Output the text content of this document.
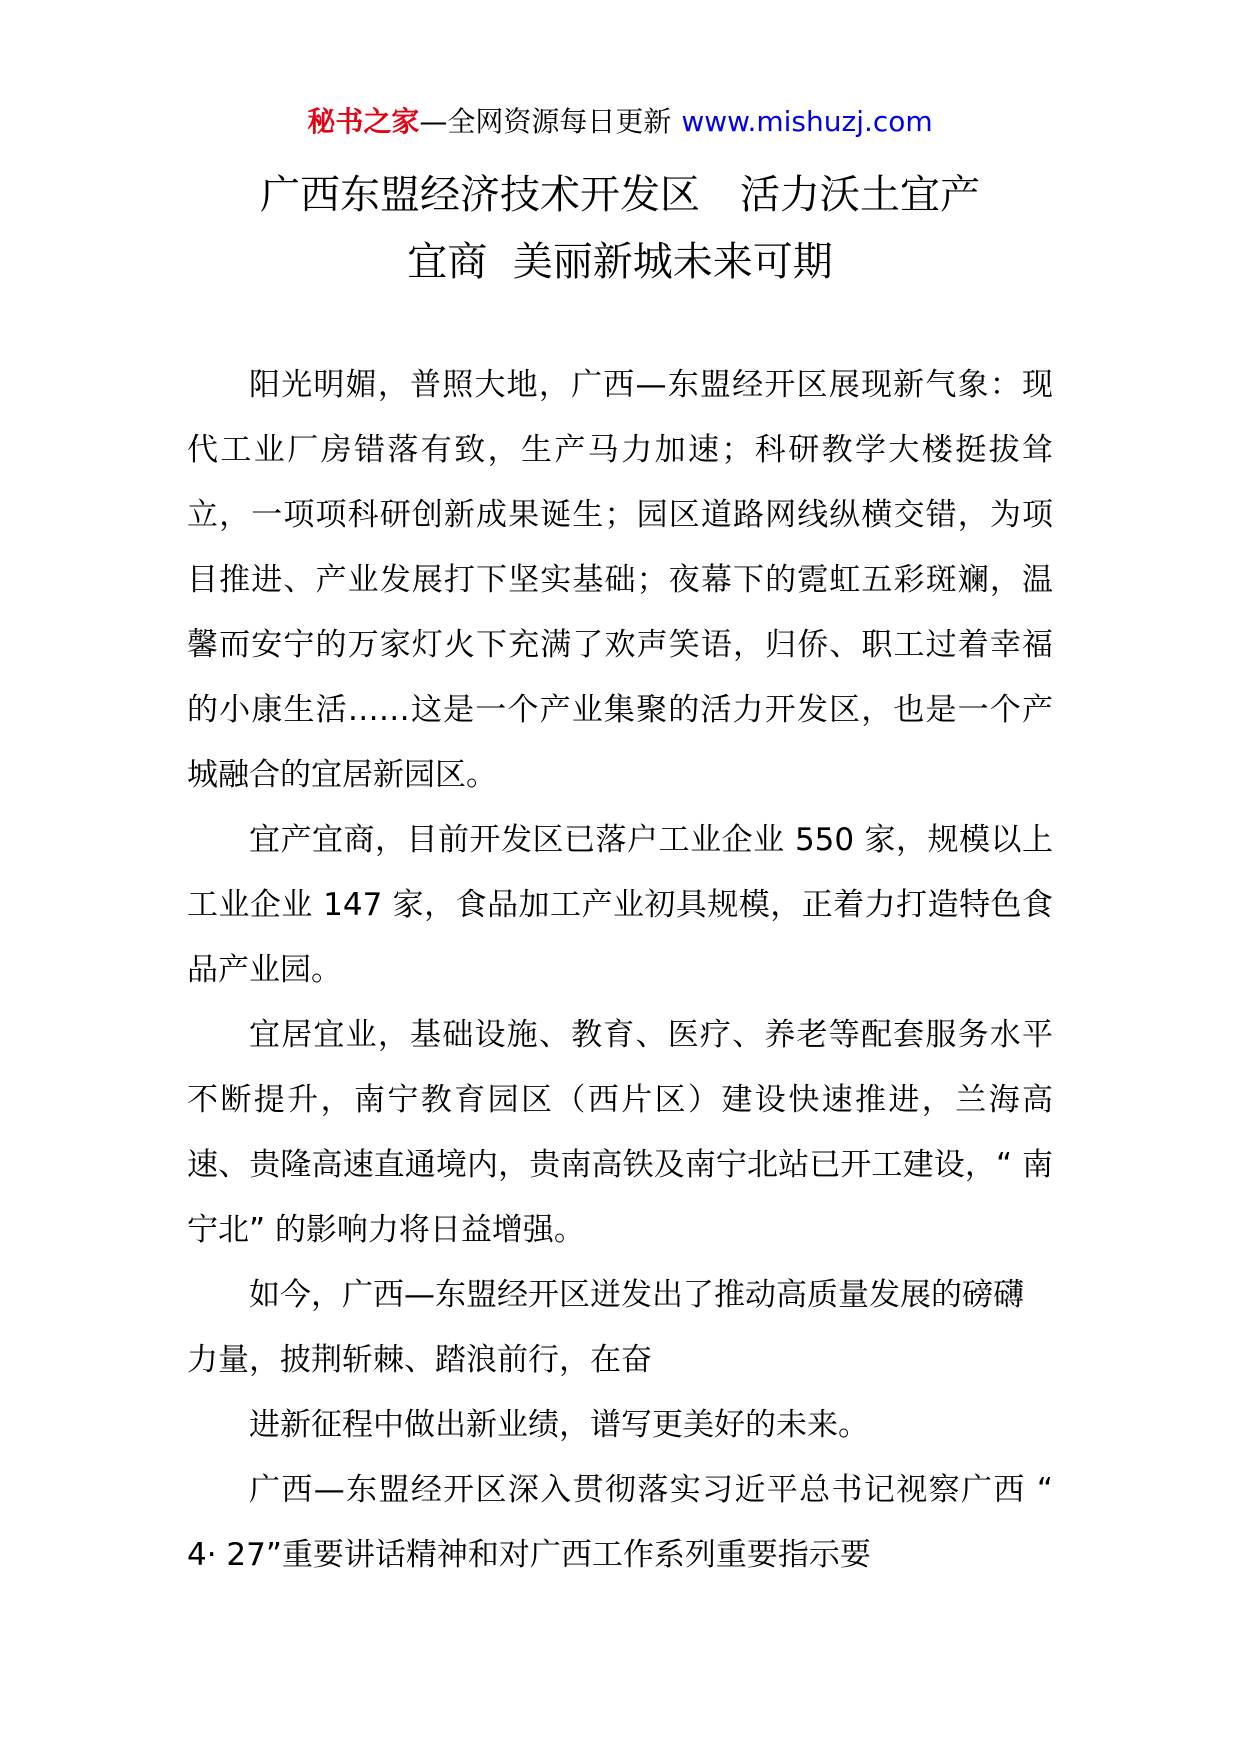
秘书之家—全网资源每日更新 www.mishuzj.com
广西东盟经济技术开发区　活力沃土宜产
宜商  美丽新城未来可期

阳光明媚，普照大地，广西—东盟经开区展现新气象：现代工业厂房错落有致，生产马力加速；科研教学大楼挺拔耸立，一项项科研创新成果诞生；园区道路网线纵横交错，为项目推进、产业发展打下坚实基础；夜幕下的霓虹五彩斑斓，温馨而安宁的万家灯火下充满了欢声笑语，归侨、职工过着幸福的小康生活……这是一个产业集聚的活力开发区，也是一个产城融合的宜居新园区。

宜产宜商，目前开发区已落户工业企业 550 家，规模以上工业企业 147 家，食品加工产业初具规模，正着力打造特色食品产业园。

宜居宜业，基础设施、教育、医疗、养老等配套服务水平不断提升，南宁教育园区（西片区）建设快速推进，兰海高速、贵隆高速直通境内，贵南高铁及南宁北站已开工建设，“ 南宁北” 的影响力将日益增强。

如今，广西—东盟经开区迸发出了推动高质量发展的磅礴力量，披荆斩棘、踏浪前行，在奋

进新征程中做出新业绩，谱写更美好的未来。

广西—东盟经开区深入贯彻落实习近平总书记视察广西 “ 4· 27”重要讲话精神和对广西工作系列重要指示要
